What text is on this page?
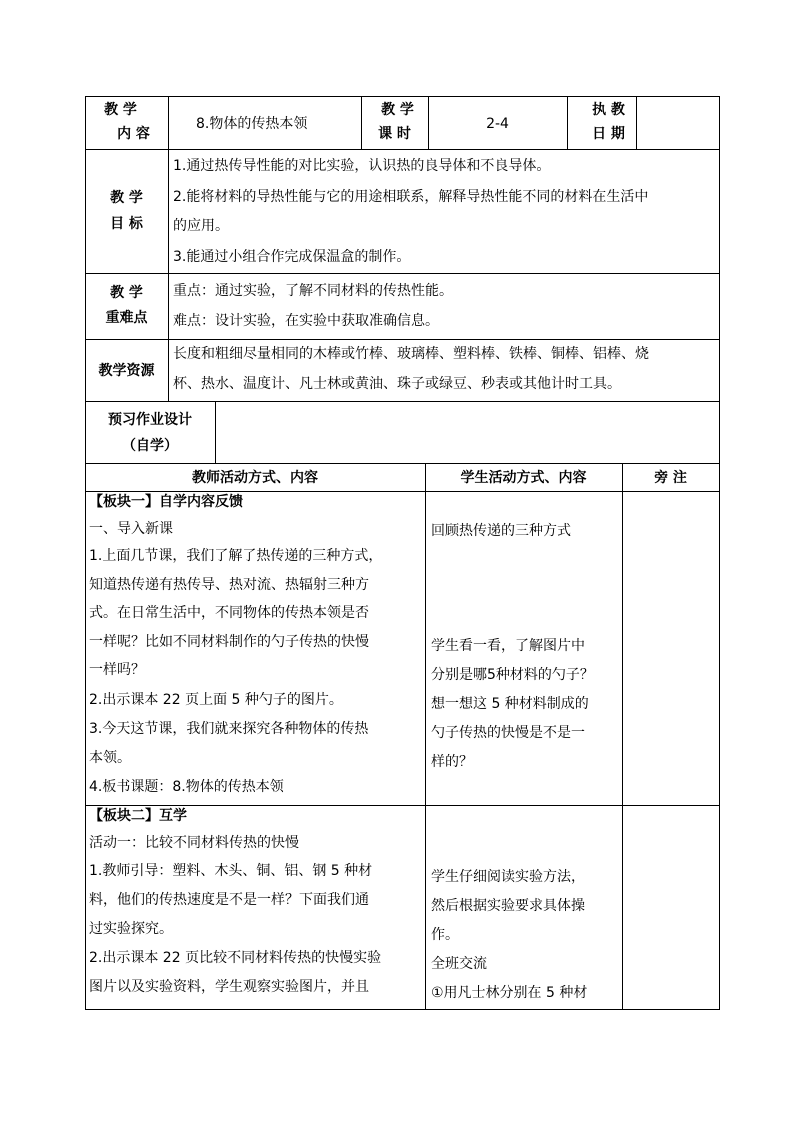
教 学
内 容
8.物体的传热本领
教 学
课 时
2-4
执 教
日 期
教 学
目 标
1.通过热传导性能的对比实验，认识热的良导体和不良导体。
2.能将材料的导热性能与它的用途相联系，解释导热性能不同的材料在生活中
的应用。
3.能通过小组合作完成保温盒的制作。
教 学
重难点
重点：通过实验，了解不同材料的传热性能。
难点：设计实验，在实验中获取准确信息。
教学资源
长度和粗细尽量相同的木棒或竹棒、玻璃棒、塑料棒、铁棒、铜棒、铝棒、烧
杯、热水、温度计、凡士林或黄油、珠子或绿豆、秒表或其他计时工具。
预习作业设计
（自学）
教师活动方式、内容	学生活动方式、内容	旁 注
【板块一】自学内容反馈
一、导入新课
1.上面几节课，我们了解了热传递的三种方式，
知道热传递有热传导、热对流、热辐射三种方
式。在日常生活中，不同物体的传热本领是否
一样呢？比如不同材料制作的勺子传热的快慢
一样吗？
2.出示课本 22 页上面 5 种勺子的图片。
3.今天这节课，我们就来探究各种物体的传热
本领。
4.板书课题：8.物体的传热本领
回顾热传递的三种方式
学生看一看，了解图片中
分别是哪5种材料的勺子？
想一想这 5 种材料制成的
勺子传热的快慢是不是一
样的？
【板块二】互学
活动一：比较不同材料传热的快慢
1.教师引导：塑料、木头、铜、铝、钢 5 种材
料，他们的传热速度是不是一样？下面我们通
过实验探究。
2.出示课本 22 页比较不同材料传热的快慢实验
图片以及实验资料，学生观察实验图片，并且
学生仔细阅读实验方法，
然后根据实验要求具体操
作。
全班交流
①用凡士林分别在 5 种材
